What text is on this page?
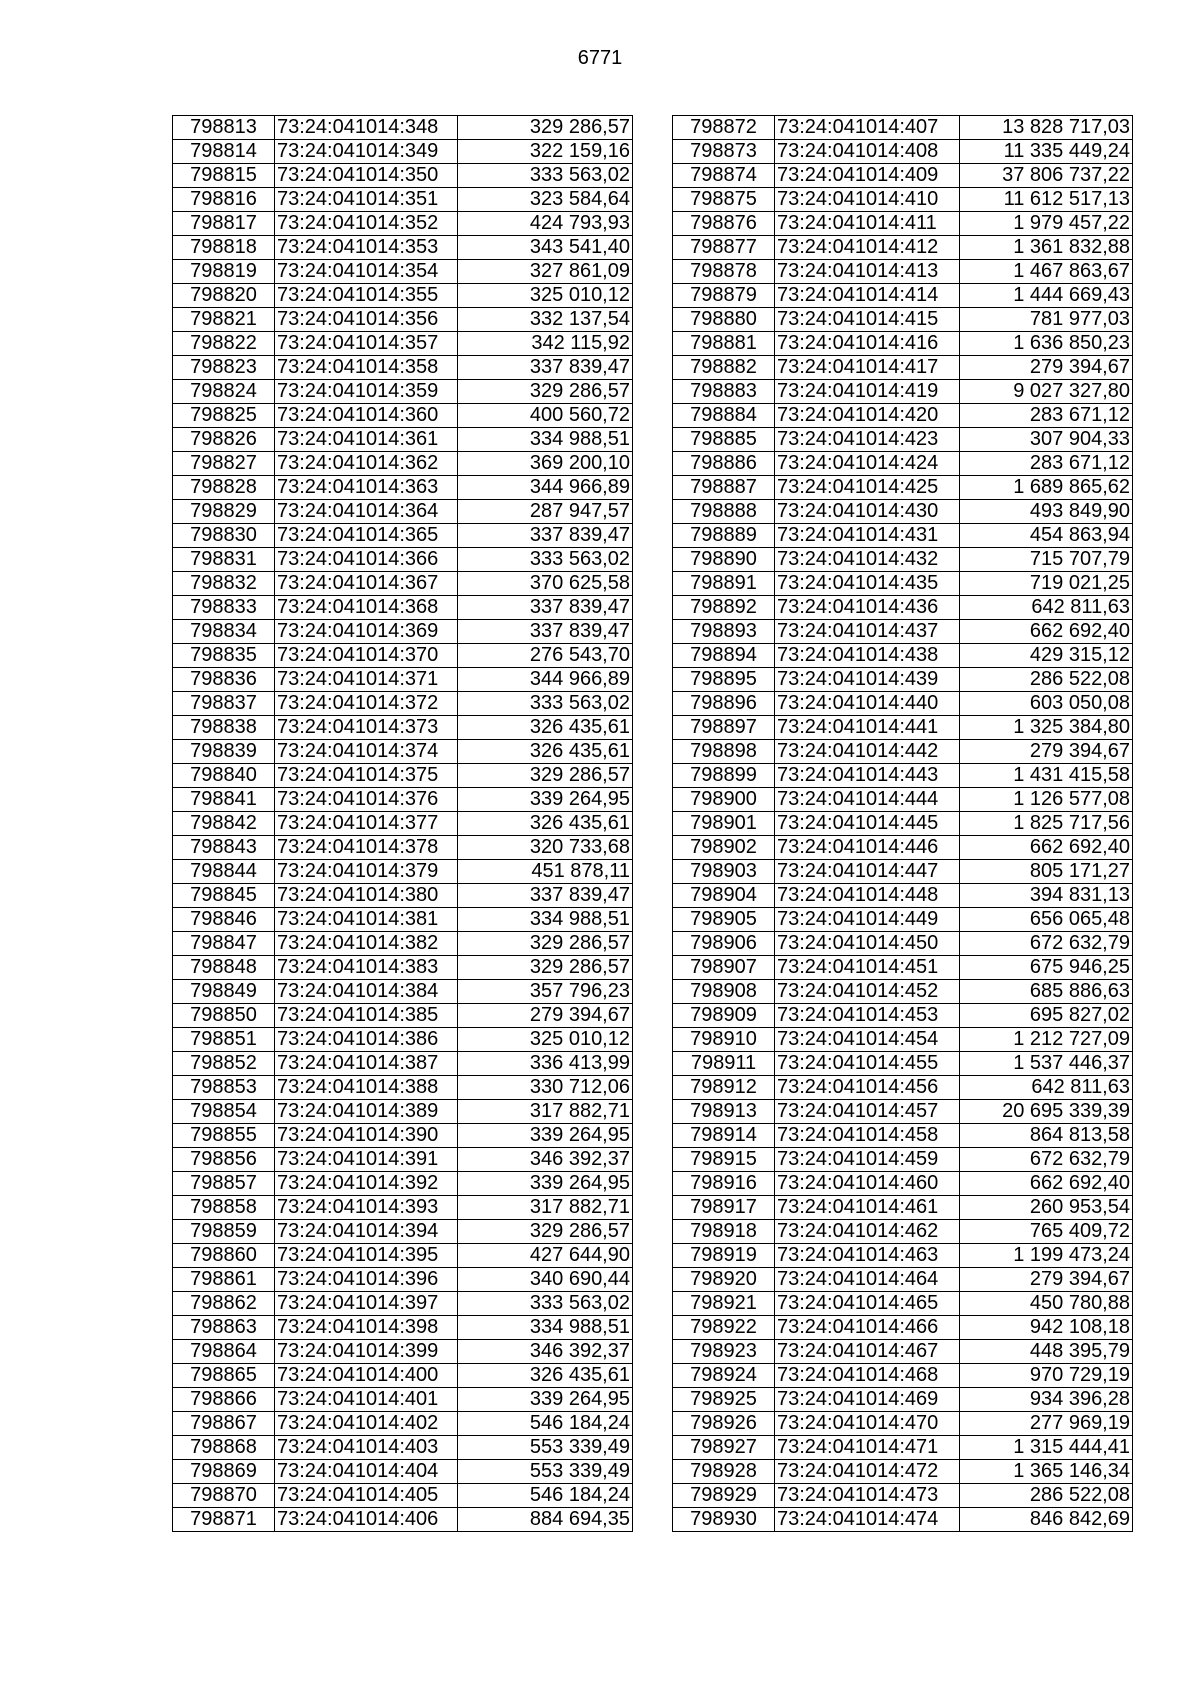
6771
798813	73:24:041014:348	329 286,57
798814	73:24:041014:349	322 159,16
798815	73:24:041014:350	333 563,02
798816	73:24:041014:351	323 584,64
798817	73:24:041014:352	424 793,93
798818	73:24:041014:353	343 541,40
798819	73:24:041014:354	327 861,09
798820	73:24:041014:355	325 010,12
798821	73:24:041014:356	332 137,54
798822	73:24:041014:357	342 115,92
798823	73:24:041014:358	337 839,47
798824	73:24:041014:359	329 286,57
798825	73:24:041014:360	400 560,72
798826	73:24:041014:361	334 988,51
798827	73:24:041014:362	369 200,10
798828	73:24:041014:363	344 966,89
798829	73:24:041014:364	287 947,57
798830	73:24:041014:365	337 839,47
798831	73:24:041014:366	333 563,02
798832	73:24:041014:367	370 625,58
798833	73:24:041014:368	337 839,47
798834	73:24:041014:369	337 839,47
798835	73:24:041014:370	276 543,70
798836	73:24:041014:371	344 966,89
798837	73:24:041014:372	333 563,02
798838	73:24:041014:373	326 435,61
798839	73:24:041014:374	326 435,61
798840	73:24:041014:375	329 286,57
798841	73:24:041014:376	339 264,95
798842	73:24:041014:377	326 435,61
798843	73:24:041014:378	320 733,68
798844	73:24:041014:379	451 878,11
798845	73:24:041014:380	337 839,47
798846	73:24:041014:381	334 988,51
798847	73:24:041014:382	329 286,57
798848	73:24:041014:383	329 286,57
798849	73:24:041014:384	357 796,23
798850	73:24:041014:385	279 394,67
798851	73:24:041014:386	325 010,12
798852	73:24:041014:387	336 413,99
798853	73:24:041014:388	330 712,06
798854	73:24:041014:389	317 882,71
798855	73:24:041014:390	339 264,95
798856	73:24:041014:391	346 392,37
798857	73:24:041014:392	339 264,95
798858	73:24:041014:393	317 882,71
798859	73:24:041014:394	329 286,57
798860	73:24:041014:395	427 644,90
798861	73:24:041014:396	340 690,44
798862	73:24:041014:397	333 563,02
798863	73:24:041014:398	334 988,51
798864	73:24:041014:399	346 392,37
798865	73:24:041014:400	326 435,61
798866	73:24:041014:401	339 264,95
798867	73:24:041014:402	546 184,24
798868	73:24:041014:403	553 339,49
798869	73:24:041014:404	553 339,49
798870	73:24:041014:405	546 184,24
798871	73:24:041014:406	884 694,35
798872	73:24:041014:407	13 828 717,03
798873	73:24:041014:408	11 335 449,24
798874	73:24:041014:409	37 806 737,22
798875	73:24:041014:410	11 612 517,13
798876	73:24:041014:411	1 979 457,22
798877	73:24:041014:412	1 361 832,88
798878	73:24:041014:413	1 467 863,67
798879	73:24:041014:414	1 444 669,43
798880	73:24:041014:415	781 977,03
798881	73:24:041014:416	1 636 850,23
798882	73:24:041014:417	279 394,67
798883	73:24:041014:419	9 027 327,80
798884	73:24:041014:420	283 671,12
798885	73:24:041014:423	307 904,33
798886	73:24:041014:424	283 671,12
798887	73:24:041014:425	1 689 865,62
798888	73:24:041014:430	493 849,90
798889	73:24:041014:431	454 863,94
798890	73:24:041014:432	715 707,79
798891	73:24:041014:435	719 021,25
798892	73:24:041014:436	642 811,63
798893	73:24:041014:437	662 692,40
798894	73:24:041014:438	429 315,12
798895	73:24:041014:439	286 522,08
798896	73:24:041014:440	603 050,08
798897	73:24:041014:441	1 325 384,80
798898	73:24:041014:442	279 394,67
798899	73:24:041014:443	1 431 415,58
798900	73:24:041014:444	1 126 577,08
798901	73:24:041014:445	1 825 717,56
798902	73:24:041014:446	662 692,40
798903	73:24:041014:447	805 171,27
798904	73:24:041014:448	394 831,13
798905	73:24:041014:449	656 065,48
798906	73:24:041014:450	672 632,79
798907	73:24:041014:451	675 946,25
798908	73:24:041014:452	685 886,63
798909	73:24:041014:453	695 827,02
798910	73:24:041014:454	1 212 727,09
798911	73:24:041014:455	1 537 446,37
798912	73:24:041014:456	642 811,63
798913	73:24:041014:457	20 695 339,39
798914	73:24:041014:458	864 813,58
798915	73:24:041014:459	672 632,79
798916	73:24:041014:460	662 692,40
798917	73:24:041014:461	260 953,54
798918	73:24:041014:462	765 409,72
798919	73:24:041014:463	1 199 473,24
798920	73:24:041014:464	279 394,67
798921	73:24:041014:465	450 780,88
798922	73:24:041014:466	942 108,18
798923	73:24:041014:467	448 395,79
798924	73:24:041014:468	970 729,19
798925	73:24:041014:469	934 396,28
798926	73:24:041014:470	277 969,19
798927	73:24:041014:471	1 315 444,41
798928	73:24:041014:472	1 365 146,34
798929	73:24:041014:473	286 522,08
798930	73:24:041014:474	846 842,69
